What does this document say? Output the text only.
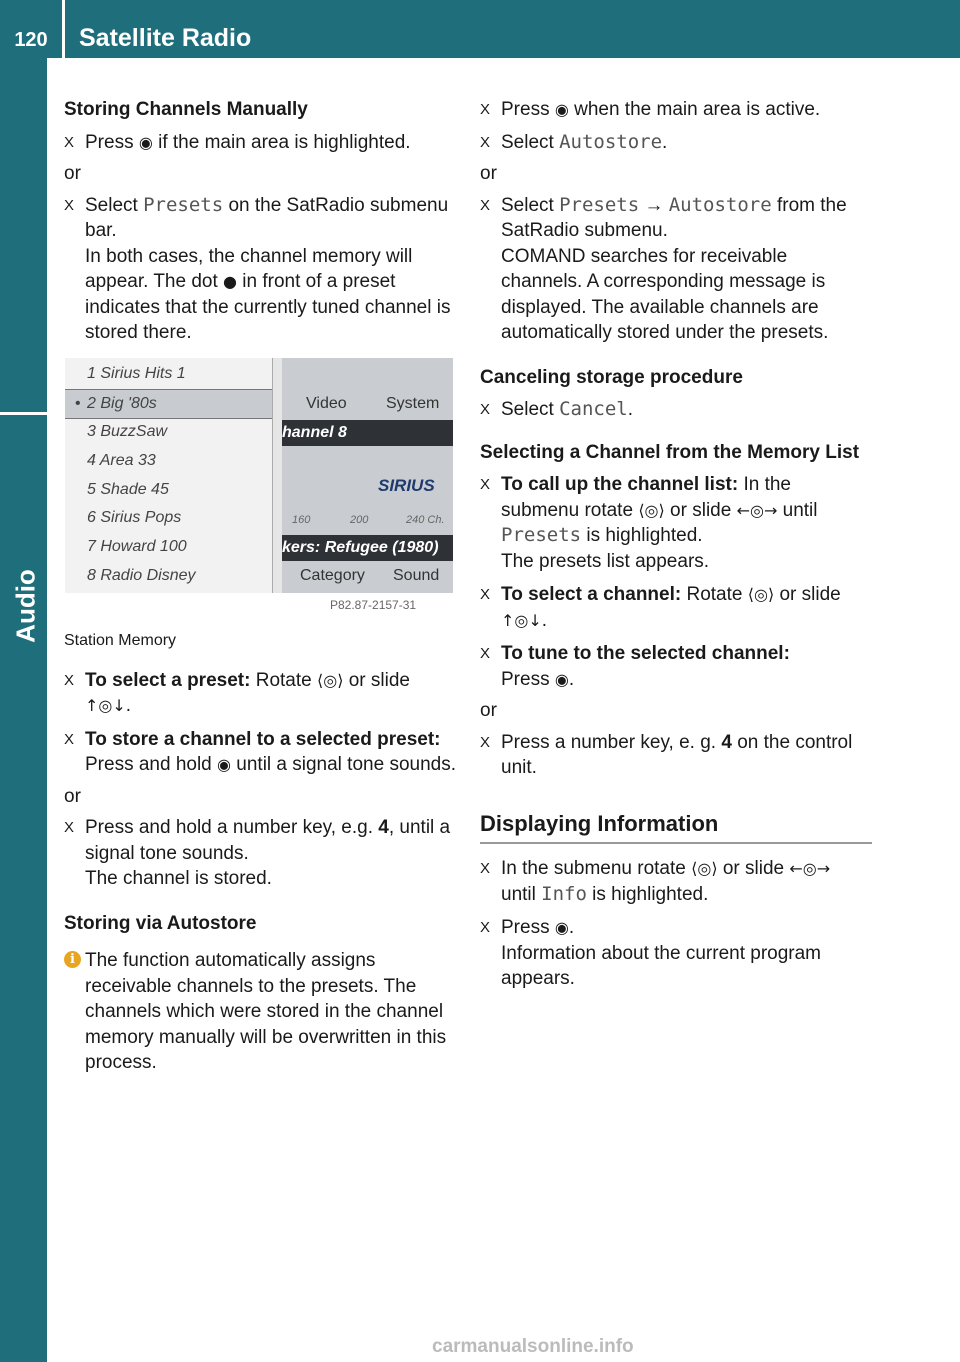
120	Satellite Radio
Audio
Storing Channels Manually
X Press ◉ if the main area is highlighted.

or

X Select Presets on the SatRadio submenu bar.
In both cases, the channel memory will appear. The dot ● in front of a preset indicates that the currently tuned channel is stored there.
1 Sirius Hits 1
• 2 Big '80s
3 BuzzSaw
4 Area 33
5 Shade 45
6 Sirius Pops
7 Howard 100
8 Radio Disney
Video System
hannel 8
SIRIUS
160	200	240 Ch.
kers: Refugee (1980)
Category Sound
P82.87-2157-31

Station Memory

X To select a preset: Rotate ⟨◎⟩ or slide
↑◎↓.
X To store a channel to a selected preset:
Press and hold ◉ until a signal tone sounds.

or

X Press and hold a number key, e.g. 4, until a signal tone sounds.
The channel is stored.
Storing via Autostore
i The function automatically assigns receivable channels to the presets. The channels which were stored in the channel memory manually will be overwritten in this process.
X Press ◉ when the main area is active.
X Select Autostore.

or

X Select Presets → Autostore from the SatRadio submenu.
COMAND searches for receivable channels. A corresponding message is displayed. The available channels are automatically stored under the presets.
Canceling storage procedure
X Select Cancel.
Selecting a Channel from the Memory List
X To call up the channel list: In the submenu rotate ⟨◎⟩ or slide ←◎→ until
Presets is highlighted.
The presets list appears.
X To select a channel: Rotate ⟨◎⟩ or slide
↑◎↓.
X To tune to the selected channel:
Press ◉.

or

X Press a number key, e. g. 4 on the control unit.
Displaying Information
X In the submenu rotate ⟨◎⟩ or slide ←◎→
until Info is highlighted.
X Press ◉.
Information about the current program appears.
carmanualsonline.info
